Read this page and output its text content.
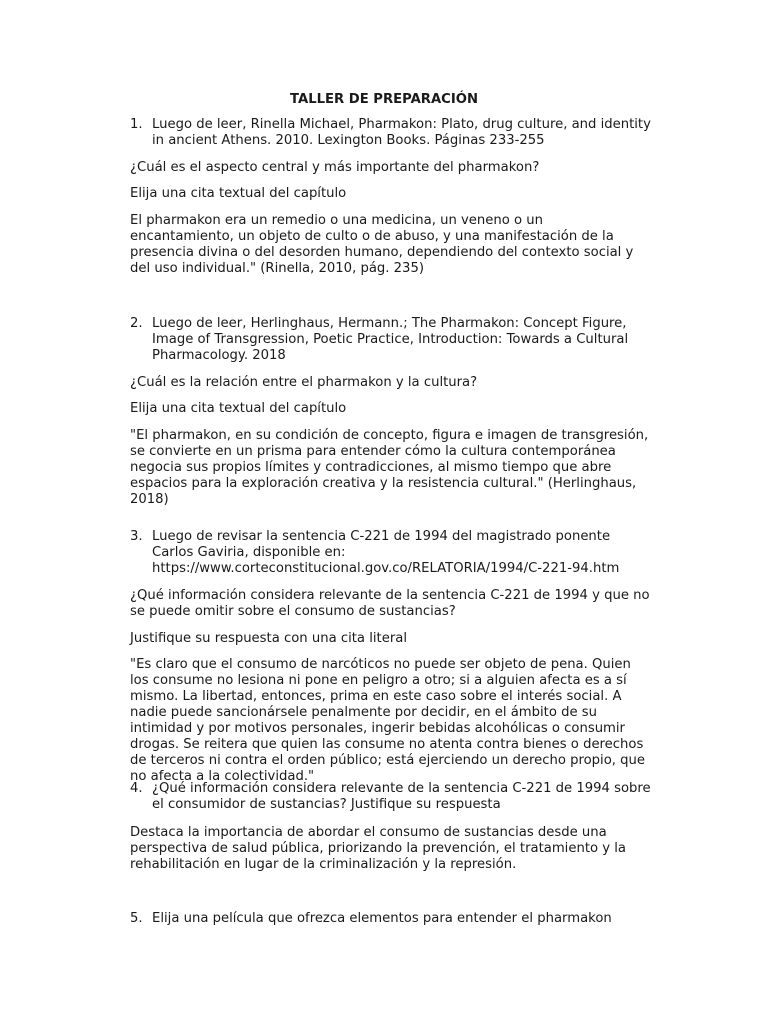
TALLER DE PREPARACIÓN

1. Luego de leer, Rinella Michael, Pharmakon: Plato, drug culture, and identity in ancient Athens. 2010. Lexington Books. Páginas 233-255

¿Cuál es el aspecto central y más importante del pharmakon?

Elija una cita textual del capítulo

El pharmakon era un remedio o una medicina, un veneno o un encantamiento, un objeto de culto o de abuso, y una manifestación de la presencia divina o del desorden humano, dependiendo del contexto social y del uso individual." (Rinella, 2010, pág. 235)

2. Luego de leer, Herlinghaus, Hermann.; The Pharmakon: Concept Figure, Image of Transgression, Poetic Practice, Introduction: Towards a Cultural Pharmacology. 2018

¿Cuál es la relación entre el pharmakon y la cultura?

Elija una cita textual del capítulo

"El pharmakon, en su condición de concepto, figura e imagen de transgresión, se convierte en un prisma para entender cómo la cultura contemporánea negocia sus propios límites y contradicciones, al mismo tiempo que abre espacios para la exploración creativa y la resistencia cultural." (Herlinghaus, 2018)

3. Luego de revisar la sentencia C-221 de 1994 del magistrado ponente Carlos Gaviria, disponible en: https://www.corteconstitucional.gov.co/RELATORIA/1994/C-221-94.htm

¿Qué información considera relevante de la sentencia C-221 de 1994 y que no se puede omitir sobre el consumo de sustancias?

Justifique su respuesta con una cita literal

"Es claro que el consumo de narcóticos no puede ser objeto de pena. Quien los consume no lesiona ni pone en peligro a otro; si a alguien afecta es a sí mismo. La libertad, entonces, prima en este caso sobre el interés social. A nadie puede sancionársele penalmente por decidir, en el ámbito de su intimidad y por motivos personales, ingerir bebidas alcohólicas o consumir drogas. Se reitera que quien las consume no atenta contra bienes o derechos de terceros ni contra el orden público; está ejerciendo un derecho propio, que no afecta a la colectividad."

4. ¿Qué información considera relevante de la sentencia C-221 de 1994 sobre el consumidor de sustancias? Justifique su respuesta

Destaca la importancia de abordar el consumo de sustancias desde una perspectiva de salud pública, priorizando la prevención, el tratamiento y la rehabilitación en lugar de la criminalización y la represión.

5. Elija una película que ofrezca elementos para entender el pharmakon
